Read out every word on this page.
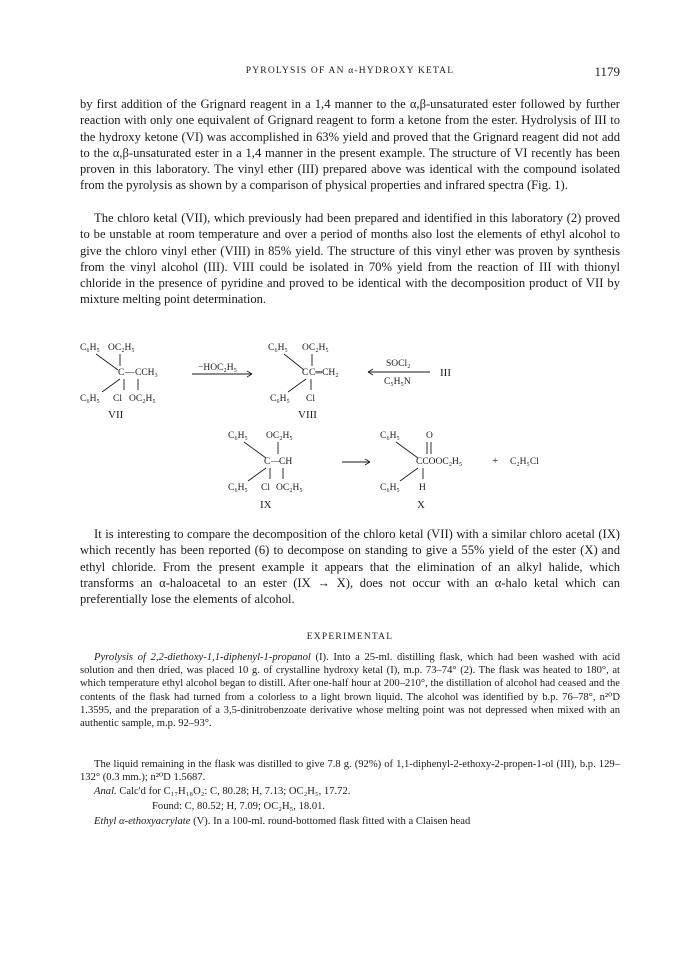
PYROLYSIS OF AN α-HYDROXY KETAL	1179

by first addition of the Grignard reagent in a 1,4 manner to the α,β-unsaturated ester followed by further reaction with only one equivalent of Grignard reagent to form a ketone from the ester. Hydrolysis of III to the hydroxy ketone (VI) was accomplished in 63% yield and proved that the Grignard reagent did not add to the α,β-unsaturated ester in a 1,4 manner in the present example. The structure of VI recently has been proven in this laboratory. The vinyl ether (III) prepared above was identical with the compound isolated from the pyrolysis as shown by a comparison of physical properties and infrared spectra (Fig. 1).

The chloro ketal (VII), which previously had been prepared and identified in this laboratory (2) proved to be unstable at room temperature and over a period of months also lost the elements of ethyl alcohol to give the chloro vinyl ether (VIII) in 85% yield. The structure of this vinyl ether was proven by synthesis from the vinyl alcohol (III). VIII could be isolated in 70% yield from the reaction of III with thionyl chloride in the presence of pyridine and proved to be identical with the decomposition product of VII by mixture melting point determination.

C₆H₅ OC₂H₅
C — CCH₃
C₆H₅ Cl OC₂H₅
VII
−HOC₂H₅
C₆H₅ OC₂H₅
C C═CH₂
C₆H₅ Cl
VIII
SOCl₂
C₅H₅N
III
C₆H₅ OC₂H₅
C —
CH
C₆H₅ Cl OC₂H₅
IX
C₆H₅	O
CCOOC₂H₅
C₆H₅ H
X
+ C₂H₅Cl

It is interesting to compare the decomposition of the chloro ketal (VII) with a similar chloro acetal (IX) which recently has been reported (6) to decompose on standing to give a 55% yield of the ester (X) and ethyl chloride. From the present example it appears that the elimination of an alkyl halide, which transforms an α-haloacetal to an ester (IX → X), does not occur with an α-halo ketal which can preferentially lose the elements of alcohol.

EXPERIMENTAL

Pyrolysis of 2,2-diethoxy-1,1-diphenyl-1-propanol (I). Into a 25-ml. distilling flask, which had been washed with acid solution and then dried, was placed 10 g. of crystalline hydroxy ketal (I), m.p. 73–74° (2). The flask was heated to 180°, at which temperature ethyl alcohol began to distill. After one-half hour at 200–210°, the distillation of alcohol had ceased and the contents of the flask had turned from a colorless to a light brown liquid. The alcohol was identified by b.p. 76–78°, n²⁰D 1.3595, and the preparation of a 3,5-dinitrobenzoate derivative whose melting point was not depressed when mixed with an authentic sample, m.p. 92–93°.

The liquid remaining in the flask was distilled to give 7.8 g. (92%) of 1,1-diphenyl-2-ethoxy-2-propen-1-ol (III), b.p. 129–132° (0.3 mm.); n²⁰D 1.5687.

Anal. Calc'd for C₁₇H₁₈O₂: C, 80.28; H, 7.13; OC₂H₅, 17.72.

Found: C, 80.52; H, 7.09; OC₂H₅, 18.01.

Ethyl α-ethoxyacrylate (V). In a 100-ml. round-bottomed flask fitted with a Claisen head
